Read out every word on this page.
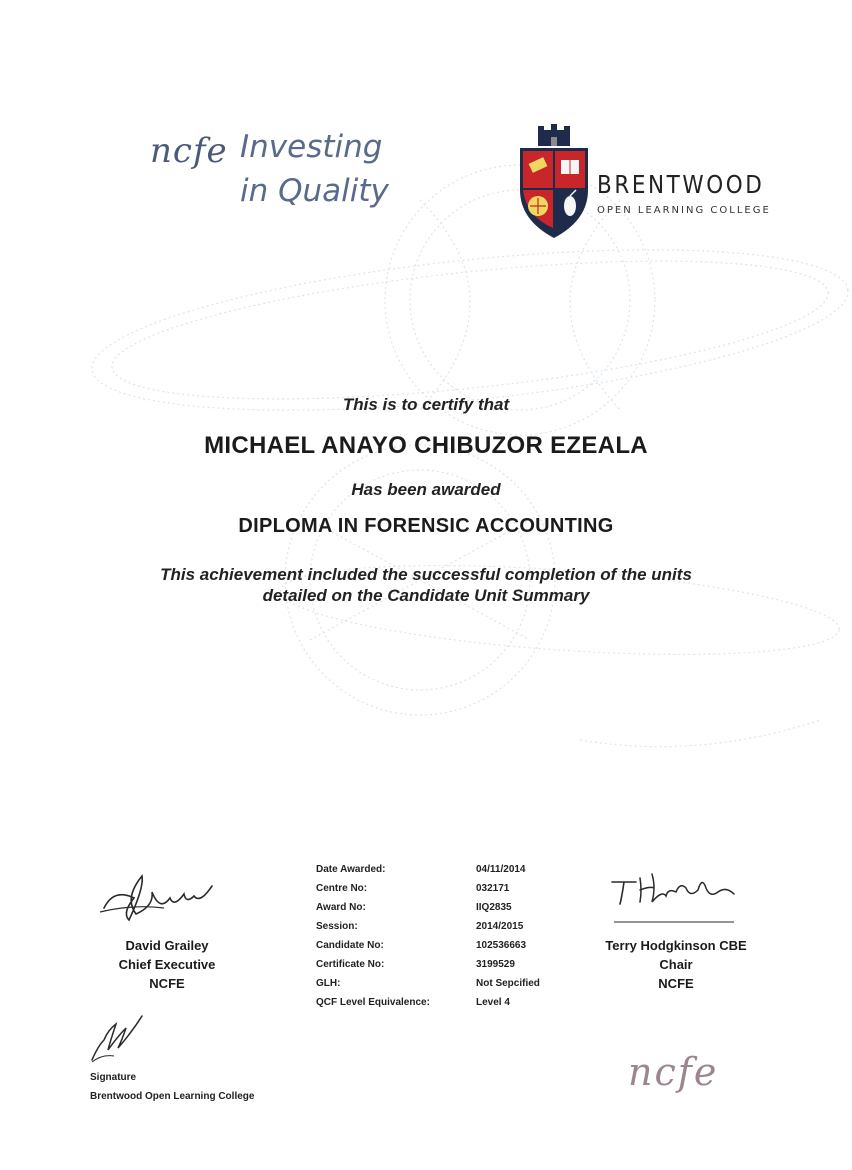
ncfe Investing
in Quality	BRENTWOOD
OPEN LEARNING COLLEGE
This is to certify that
MICHAEL ANAYO CHIBUZOR EZEALA
Has been awarded
DIPLOMA IN FORENSIC ACCOUNTING
This achievement included the successful completion of the units
detailed on the Candidate Unit Summary
David Grailey
Chief Executive
NCFE
Date Awarded:	04/11/2014
Centre No:	032171
Award No:	IIQ2835
Session:	2014/2015
Candidate No:	102536663
Certificate No:	3199529
GLH:	Not Sepcified
QCF Level Equivalence:	Level 4
Terry Hodgkinson CBE
Chair
NCFE
Signature
Brentwood Open Learning College
ncfe
